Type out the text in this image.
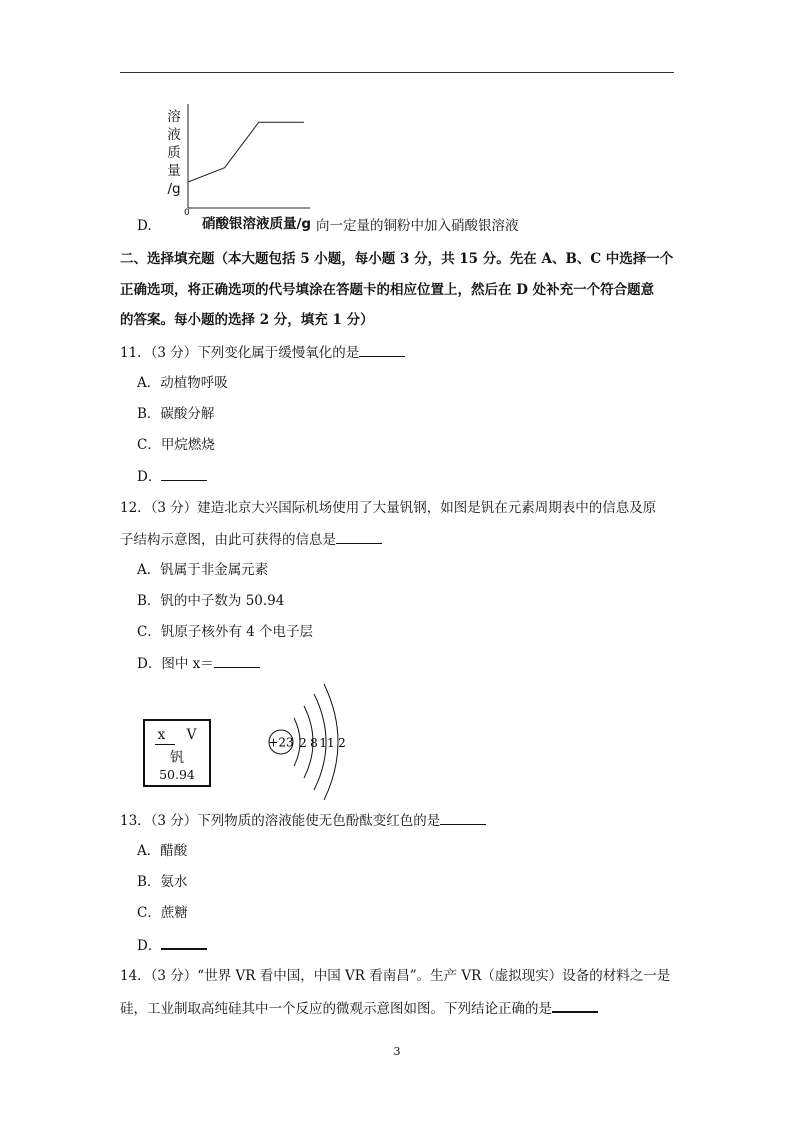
溶
液
质
量
/g
0
硝酸银溶液质量/g
D.	向一定量的铜粉中加入硝酸银溶液
二、选择填充题（本大题包括 5 小题，每小题 3 分，共 15 分。先在 A、B、C 中选择一个
正确选项，将正确选项的代号填涂在答题卡的相应位置上，然后在 D 处补充一个符合题意
的答案。每小题的选择 2 分，填充 1 分）
11．（3 分）下列变化属于缓慢氧化的是
A．动植物呼吸
B．碳酸分解
C．甲烷燃烧
D．
12．（3 分）建造北京大兴国际机场使用了大量钒钢，如图是钒在元素周期表中的信息及原
子结构示意图，由此可获得的信息是
A．钒属于非金属元素
B．钒的中子数为 50.94
C．钒原子核外有 4 个电子层
D．图中 x＝
x V
钒
50.94
+23 2 8 11 2
13．（3 分）下列物质的溶液能使无色酚酞变红色的是
A．醋酸
B．氨水
C．蔗糖
D．
14．（3 分）“世界 VR 看中国，中国 VR 看南昌”。生产 VR（虚拟现实）设备的材料之一是
硅，工业制取高纯硅其中一个反应的微观示意图如图。下列结论正确的是
3
